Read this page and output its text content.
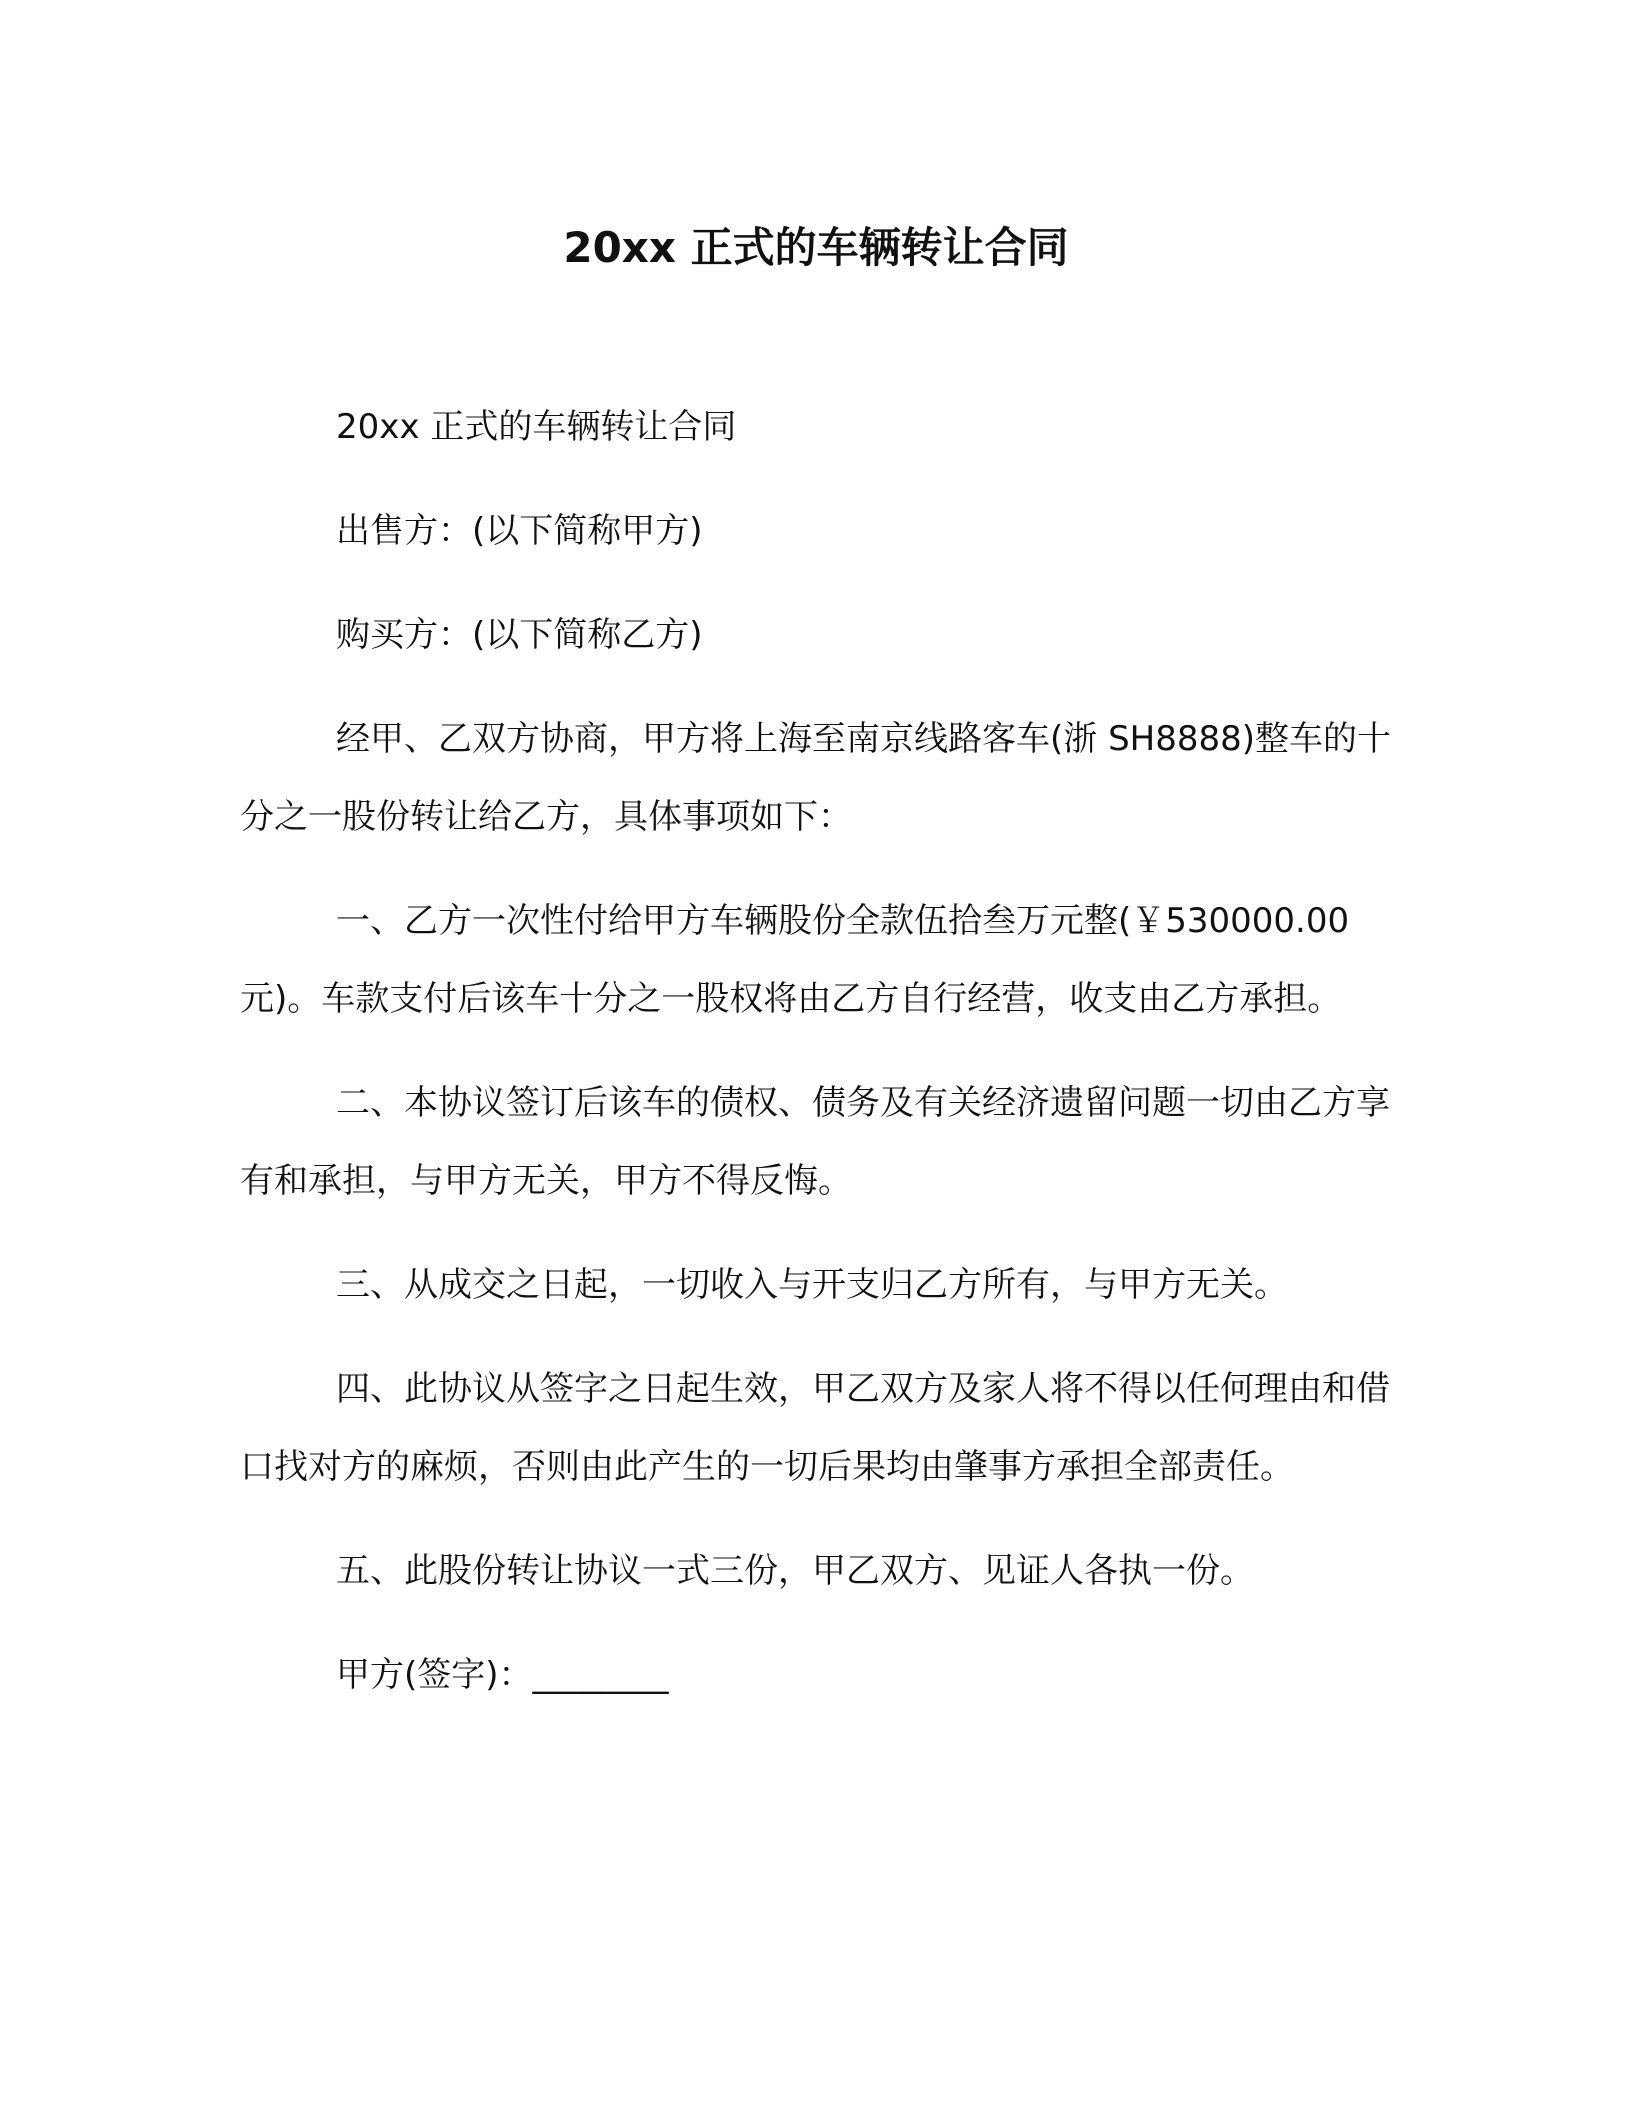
20xx 正式的车辆转让合同

20xx 正式的车辆转让合同

出售方：(以下简称甲方)

购买方：(以下简称乙方)

经甲、乙双方协商，甲方将上海至南京线路客车(浙 SH8888)整车的十分之一股份转让给乙方，具体事项如下：

一、乙方一次性付给甲方车辆股份全款伍拾叁万元整(￥530000.00 元)。车款支付后该车十分之一股权将由乙方自行经营，收支由乙方承担。

二、本协议签订后该车的债权、债务及有关经济遗留问题一切由乙方享有和承担，与甲方无关，甲方不得反悔。

三、从成交之日起，一切收入与开支归乙方所有，与甲方无关。

四、此协议从签字之日起生效，甲乙双方及家人将不得以任何理由和借口找对方的麻烦，否则由此产生的一切后果均由肇事方承担全部责任。

五、此股份转让协议一式三份，甲乙双方、见证人各执一份。

甲方(签字)：________
